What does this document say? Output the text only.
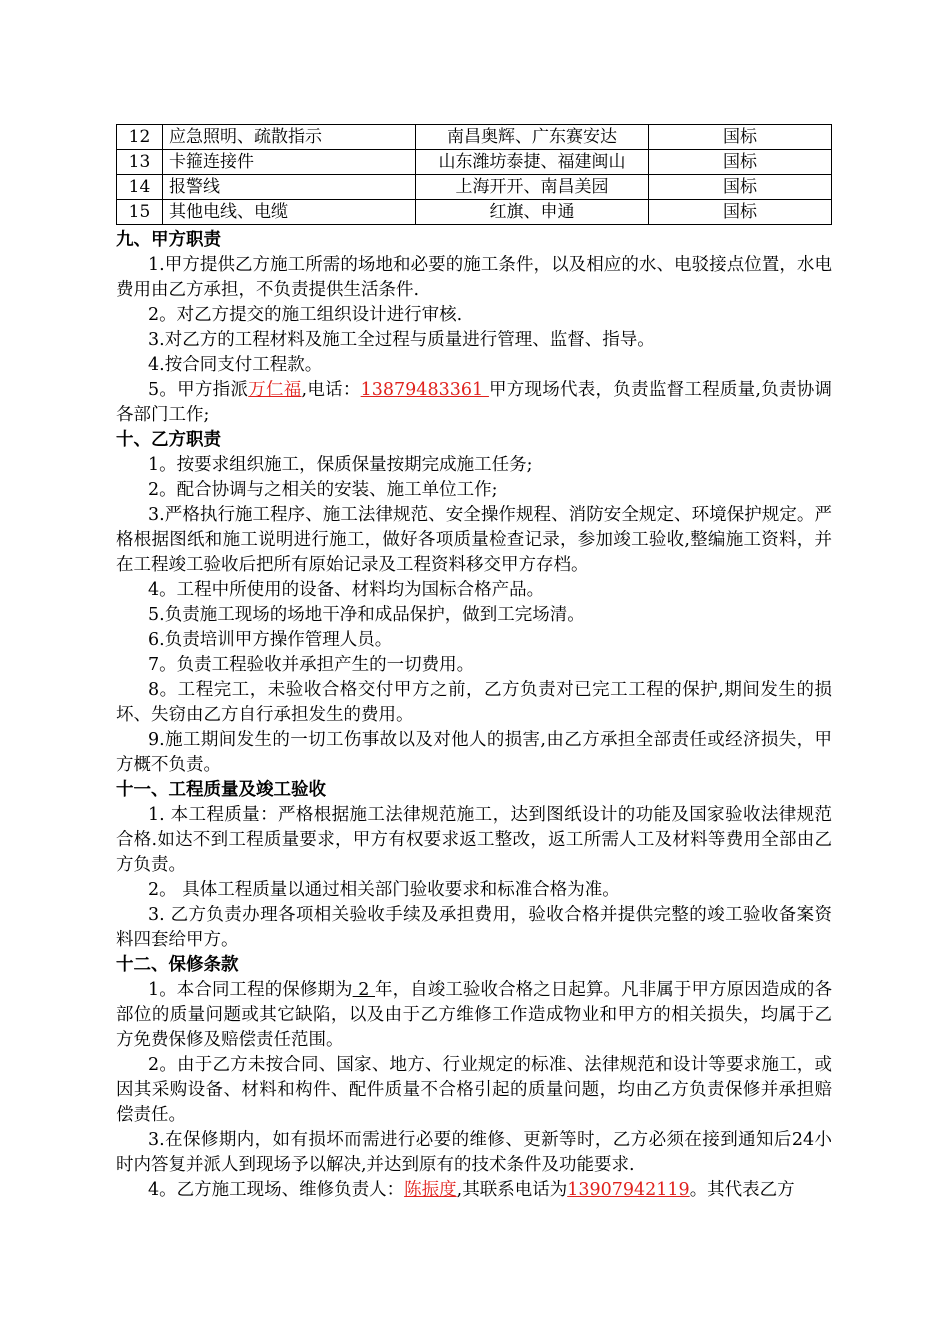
12	应急照明、疏散指示	南昌奥辉、广东赛安达	国标
13	卡箍连接件	山东潍坊泰捷、福建闽山	国标
14	报警线	上海开开、南昌美园	国标
15	其他电线、电缆	红旗、申通	国标
九、甲方职责
1.甲方提供乙方施工所需的场地和必要的施工条件，以及相应的水、电驳接点位置，水电费用由乙方承担，不负责提供生活条件.
2。对乙方提交的施工组织设计进行审核.
3.对乙方的工程材料及施工全过程与质量进行管理、监督、指导。
4.按合同支付工程款。
5。甲方指派万仁福,电话：13879483361 甲方现场代表，负责监督工程质量,负责协调各部门工作;
十、乙方职责
1。按要求组织施工，保质保量按期完成施工任务;
2。配合协调与之相关的安装、施工单位工作;
3.严格执行施工程序、施工法律规范、安全操作规程、消防安全规定、环境保护规定。严格根据图纸和施工说明进行施工，做好各项质量检查记录，参加竣工验收,整编施工资料，并在工程竣工验收后把所有原始记录及工程资料移交甲方存档。
4。工程中所使用的设备、材料均为国标合格产品。
5.负责施工现场的场地干净和成品保护，做到工完场清。
6.负责培训甲方操作管理人员。
7。负责工程验收并承担产生的一切费用。
8。工程完工，未验收合格交付甲方之前，乙方负责对已完工工程的保护,期间发生的损坏、失窃由乙方自行承担发生的费用。
9.施工期间发生的一切工伤事故以及对他人的损害,由乙方承担全部责任或经济损失，甲方概不负责。
十一、工程质量及竣工验收
1. 本工程质量：严格根据施工法律规范施工，达到图纸设计的功能及国家验收法律规范合格.如达不到工程质量要求，甲方有权要求返工整改，返工所需人工及材料等费用全部由乙方负责。
2。 具体工程质量以通过相关部门验收要求和标准合格为准。
3. 乙方负责办理各项相关验收手续及承担费用，验收合格并提供完整的竣工验收备案资料四套给甲方。
十二、保修条款
1。本合同工程的保修期为 2 年，自竣工验收合格之日起算。凡非属于甲方原因造成的各部位的质量问题或其它缺陷，以及由于乙方维修工作造成物业和甲方的相关损失，均属于乙方免费保修及赔偿责任范围。
2。由于乙方未按合同、国家、地方、行业规定的标准、法律规范和设计等要求施工，或因其采购设备、材料和构件、配件质量不合格引起的质量问题，均由乙方负责保修并承担赔偿责任。
3.在保修期内，如有损坏而需进行必要的维修、更新等时，乙方必须在接到通知后24小时内答复并派人到现场予以解决,并达到原有的技术条件及功能要求.
4。乙方施工现场、维修负责人：陈振度,其联系电话为13907942119。其代表乙方
